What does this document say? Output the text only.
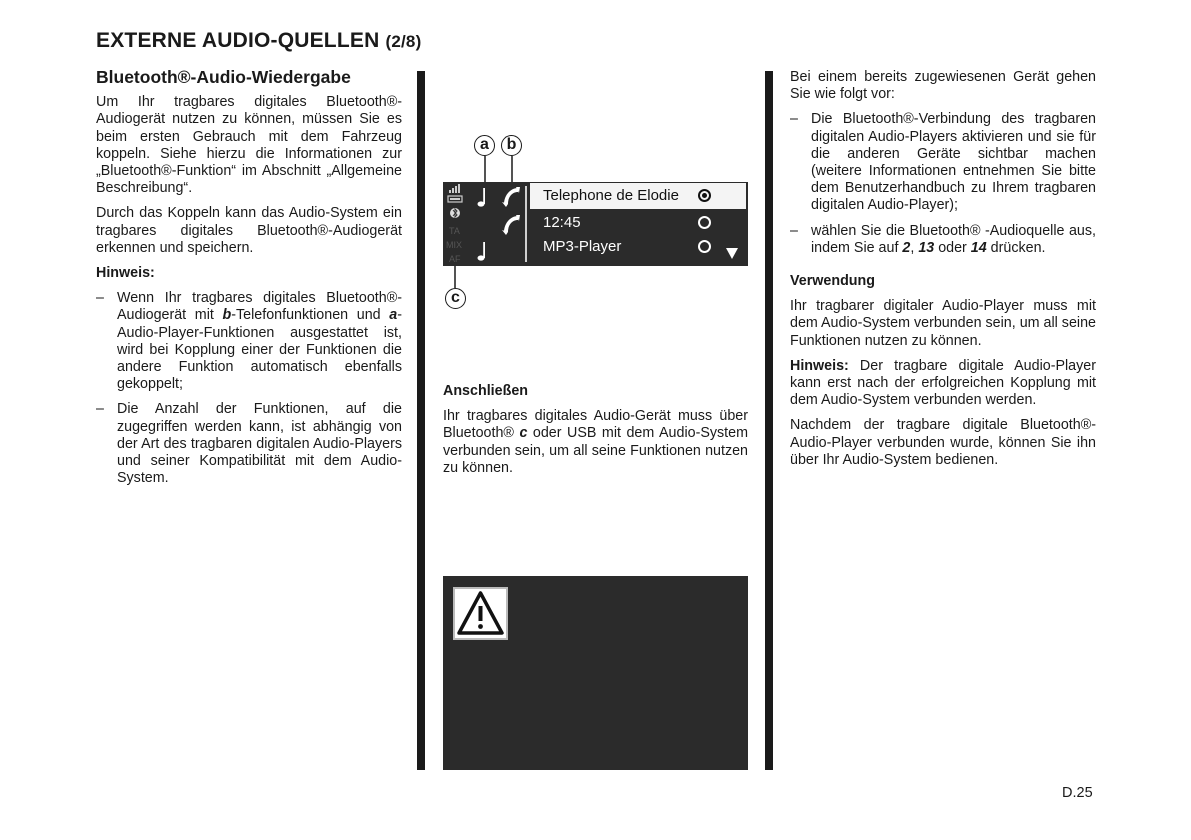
EXTERNE AUDIO-QUELLEN (2/8)
Bluetooth®-Audio-Wiedergabe

Um Ihr tragbares digitales Bluetooth®-Audiogerät nutzen zu können, müssen Sie es beim ersten Gebrauch mit dem Fahrzeug koppeln. Siehe hierzu die Informationen zur „Bluetooth®-Funktion“ im Abschnitt „Allgemeine Beschreibung“.

Durch das Koppeln kann das Audio-System ein tragbares digitales Bluetooth®-Audiogerät erkennen und speichern.

Hinweis:
– Wenn Ihr tragbares digitales Bluetooth®-Audiogerät mit b-Telefonfunktionen und a-Audio-Player-Funktionen ausgestattet ist, wird bei Kopplung einer der Funktionen die andere Funktion automatisch ebenfalls gekoppelt;
– Die Anzahl der Funktionen, auf die zugegriffen werden kann, ist abhängig von der Art des tragbaren digitalen Audio-Players und seiner Kompatibilität mit dem Audio-System.
a	b
c
TA
MIX
AF
Telephone de Elodie
12:45
MP3-Player
Anschließen

Ihr tragbares digitales Audio-Gerät muss über Bluetooth® c oder USB mit dem Audio-System verbunden sein, um all seine Funktionen nutzen zu können.

Bei einem bereits zugewiesenen Gerät gehen Sie wie folgt vor:

– Die Bluetooth®-Verbindung des tragbaren digitalen Audio-Players aktivieren und sie für die anderen Geräte sichtbar machen (weitere Informationen entnehmen Sie bitte dem Benutzerhandbuch zu Ihrem tragbaren digitalen Audio-Player);
– wählen Sie die Bluetooth® -Audioquelle aus, indem Sie auf 2, 13 oder 14 drücken.
Verwendung

Ihr tragbarer digitaler Audio-Player muss mit dem Audio-System verbunden sein, um all seine Funktionen nutzen zu können.

Hinweis: Der tragbare digitale Audio-Player kann erst nach der erfolgreichen Kopplung mit dem Audio-System verbunden werden.

Nachdem der tragbare digitale Bluetooth®-Audio-Player verbunden wurde, können Sie ihn über Ihr Audio-System bedienen.

D.25
